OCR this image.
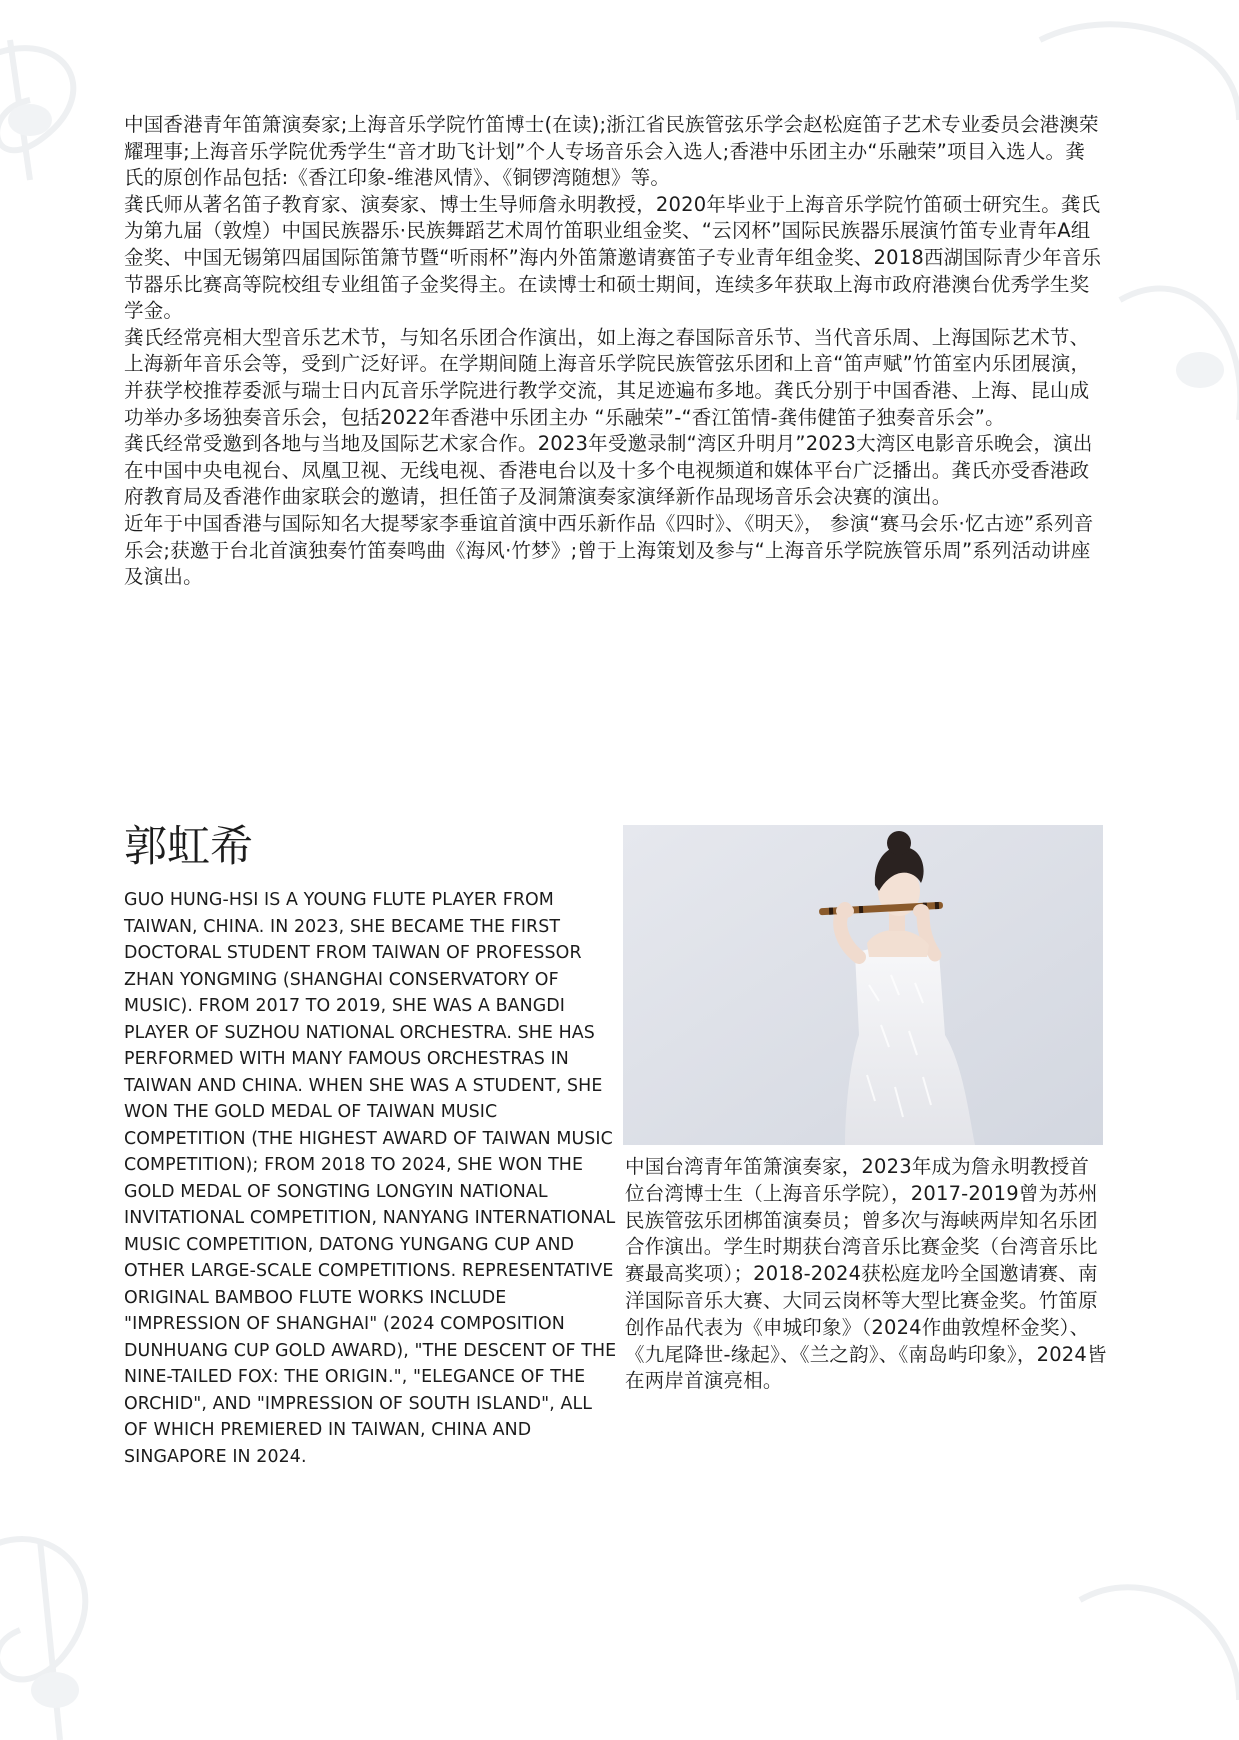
中国香港青年笛箫演奏家;上海音乐学院竹笛博士(在读);浙江省民族管弦乐学会赵松庭笛子艺术专业委员会港澳荣耀理事;上海音乐学院优秀学生“音才助飞计划”个人专场音乐会入选人;香港中乐团主办“乐融荣”项目入选人。龚氏的原创作品包括:《香江印象-维港风情》、《铜锣湾随想》等。

龚氏师从著名笛子教育家、演奏家、博士生导师詹永明教授，2020年毕业于上海音乐学院竹笛硕士研究生。龚氏为第九届（敦煌）中国民族器乐·民族舞蹈艺术周竹笛职业组金奖、“云冈杯”国际民族器乐展演竹笛专业青年A组金奖、中国无锡第四届国际笛箫节暨“听雨杯”海内外笛箫邀请赛笛子专业青年组金奖、2018西湖国际青少年音乐节器乐比赛高等院校组专业组笛子金奖得主。在读博士和硕士期间，连续多年获取上海市政府港澳台优秀学生奖学金。

龚氏经常亮相大型音乐艺术节，与知名乐团合作演出，如上海之春国际音乐节、当代音乐周、上海国际艺术节、上海新年音乐会等，受到广泛好评。在学期间随上海音乐学院民族管弦乐团和上音“笛声赋”竹笛室内乐团展演，并获学校推荐委派与瑞士日内瓦音乐学院进行教学交流，其足迹遍布多地。龚氏分别于中国香港、上海、昆山成功举办多场独奏音乐会，包括2022年香港中乐团主办 “乐融荣”-“香江笛情-龚伟健笛子独奏音乐会”。

龚氏经常受邀到各地与当地及国际艺术家合作。2023年受邀录制“湾区升明月”2023大湾区电影音乐晚会，演出在中国中央电视台、凤凰卫视、无线电视、香港电台以及十多个电视频道和媒体平台广泛播出。龚氏亦受香港政府教育局及香港作曲家联会的邀请，担任笛子及洞箫演奏家演绎新作品现场音乐会决赛的演出。

近年于中国香港与国际知名大提琴家李垂谊首演中西乐新作品《四时》、《明天》， 参演“赛马会乐·忆古迹”系列音乐会;获邀于台北首演独奏竹笛奏鸣曲《海风·竹梦》;曾于上海策划及参与“上海音乐学院族管乐周”系列活动讲座及演出。

郭虹希

GUO HUNG-HSI IS A YOUNG FLUTE PLAYER FROM TAIWAN, CHINA. IN 2023, SHE BECAME THE FIRST DOCTORAL STUDENT FROM TAIWAN OF PROFESSOR ZHAN YONGMING (SHANGHAI CONSERVATORY OF MUSIC). FROM 2017 TO 2019, SHE WAS A BANGDI PLAYER OF SUZHOU NATIONAL ORCHESTRA. SHE HAS PERFORMED WITH MANY FAMOUS ORCHESTRAS IN TAIWAN AND CHINA. WHEN SHE WAS A STUDENT, SHE WON THE GOLD MEDAL OF TAIWAN MUSIC COMPETITION (THE HIGHEST AWARD OF TAIWAN MUSIC COMPETITION); FROM 2018 TO 2024, SHE WON THE GOLD MEDAL OF SONGTING LONGYIN NATIONAL INVITATIONAL COMPETITION, NANYANG INTERNATIONAL MUSIC COMPETITION, DATONG YUNGANG CUP AND OTHER LARGE-SCALE COMPETITIONS. REPRESENTATIVE ORIGINAL BAMBOO FLUTE WORKS INCLUDE "IMPRESSION OF SHANGHAI" (2024 COMPOSITION DUNHUANG CUP GOLD AWARD), "THE DESCENT OF THE NINE-TAILED FOX: THE ORIGIN.", "ELEGANCE OF THE ORCHID", AND "IMPRESSION OF SOUTH ISLAND", ALL OF WHICH PREMIERED IN TAIWAN, CHINA AND SINGAPORE IN 2024.

中国台湾青年笛箫演奏家，2023年成为詹永明教授首位台湾博士生（上海音乐学院），2017-2019曾为苏州民族管弦乐团梆笛演奏员；曾多次与海峡两岸知名乐团合作演出。学生时期获台湾音乐比赛金奖（台湾音乐比赛最高奖项）；2018-2024获松庭龙吟全国邀请赛、南洋国际音乐大赛、大同云岗杯等大型比赛金奖。竹笛原创作品代表为《申城印象》（2024作曲敦煌杯金奖）、《九尾降世-缘起》、《兰之韵》、《南岛屿印象》，2024皆在两岸首演亮相。
